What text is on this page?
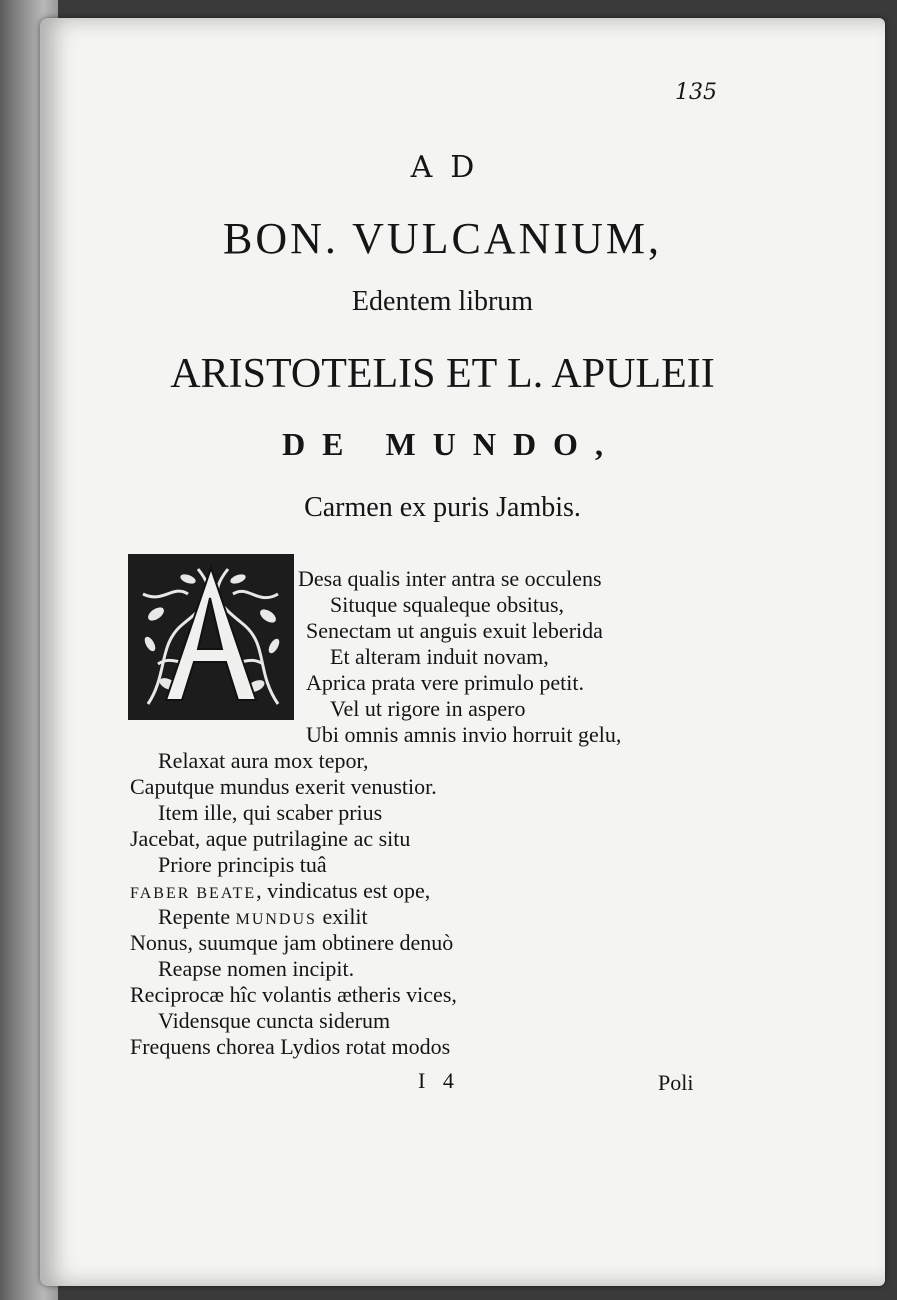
135
AD
BON. VULCANIUM,
Edentem librum
ARISTOTELIS ET L. APULEII
DE MUNDO,
Carmen ex puris Jambis.
Desa qualis inter antra se occulens
Situque squaleque obsitus,
Senectam ut anguis exuit leberida
Et alteram induit novam,
Aprica prata vere primulo petit.
Vel ut rigore in aspero
Ubi omnis amnis invio horruit gelu,
Relaxat aura mox tepor,
Caputque mundus exerit venustior.
Item ille, qui scaber prius
Jacebat, aque putrilagine ac situ
Priore principis tuâ
FABER BEATE, vindicatus est ope,
Repente MUNDUS exilit
Nonus, suumque jam obtinere denuò
Reapse nomen incipit.
Reciprocæ hîc volantis ætheris vices,
Vidensque cuncta siderum
Frequens chorea Lydios rotat modos
I 4	Poli
